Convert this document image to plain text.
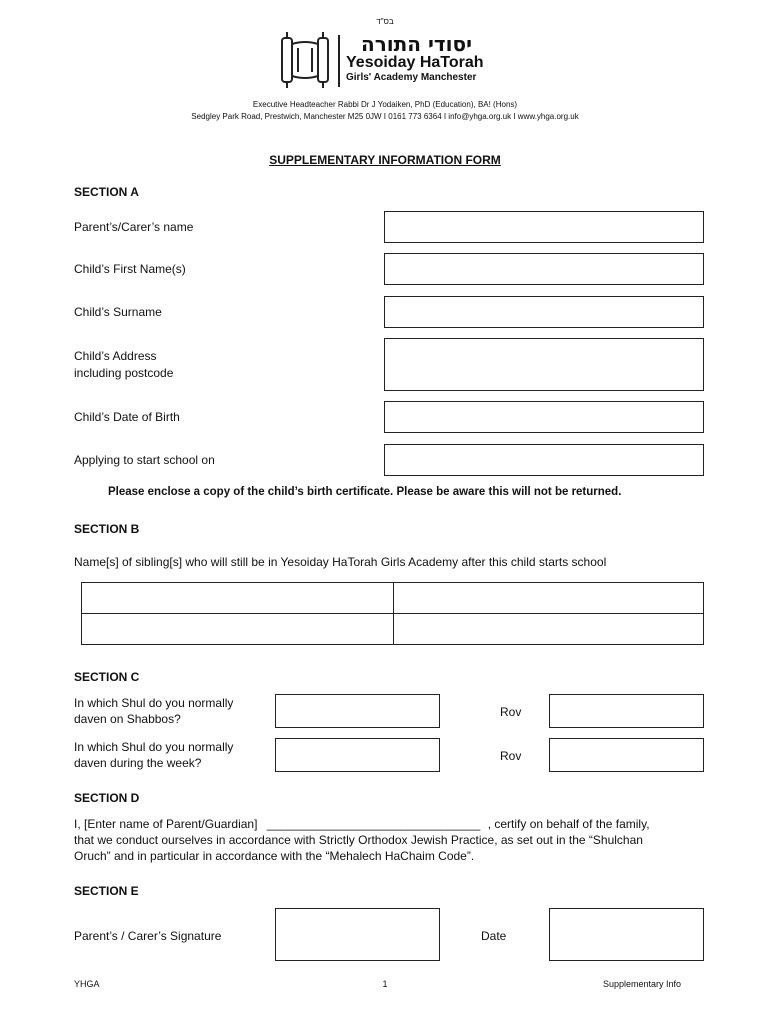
בס"ד
יסודי התורה
Yesoiday HaTorah
Girls' Academy Manchester
Executive Headteacher Rabbi Dr J Yodaiken, PhD (Education), BA! (Hons)
Sedgley Park Road, Prestwich, Manchester M25 0JW I 0161 773 6364 I info@yhga.org.uk I www.yhga.org.uk
SUPPLEMENTARY INFORMATION FORM
SECTION A
Parent’s/Carer’s name
Child’s First Name(s)
Child’s Surname
Child’s Address
including postcode
Child’s Date of Birth
Applying to start school on
Please enclose a copy of the child’s birth certificate. Please be aware this will not be returned.
SECTION B
Name[s] of sibling[s] who will still be in Yesoiday HaTorah Girls Academy after this child starts school

SECTION C
In which Shul do you normally
daven on Shabbos?	Rov
In which Shul do you normally
daven during the week?	Rov
SECTION D
I, [Enter name of Parent/Guardian] ________________________________ , certify on behalf of the family,
that we conduct ourselves in accordance with Strictly Orthodox Jewish Practice, as set out in the “Shulchan
Oruch” and in particular in accordance with the “Mehalech HaChaim Code”.
SECTION E
Parent’s / Carer’s Signature	Date
YHGA	1	Supplementary Info
